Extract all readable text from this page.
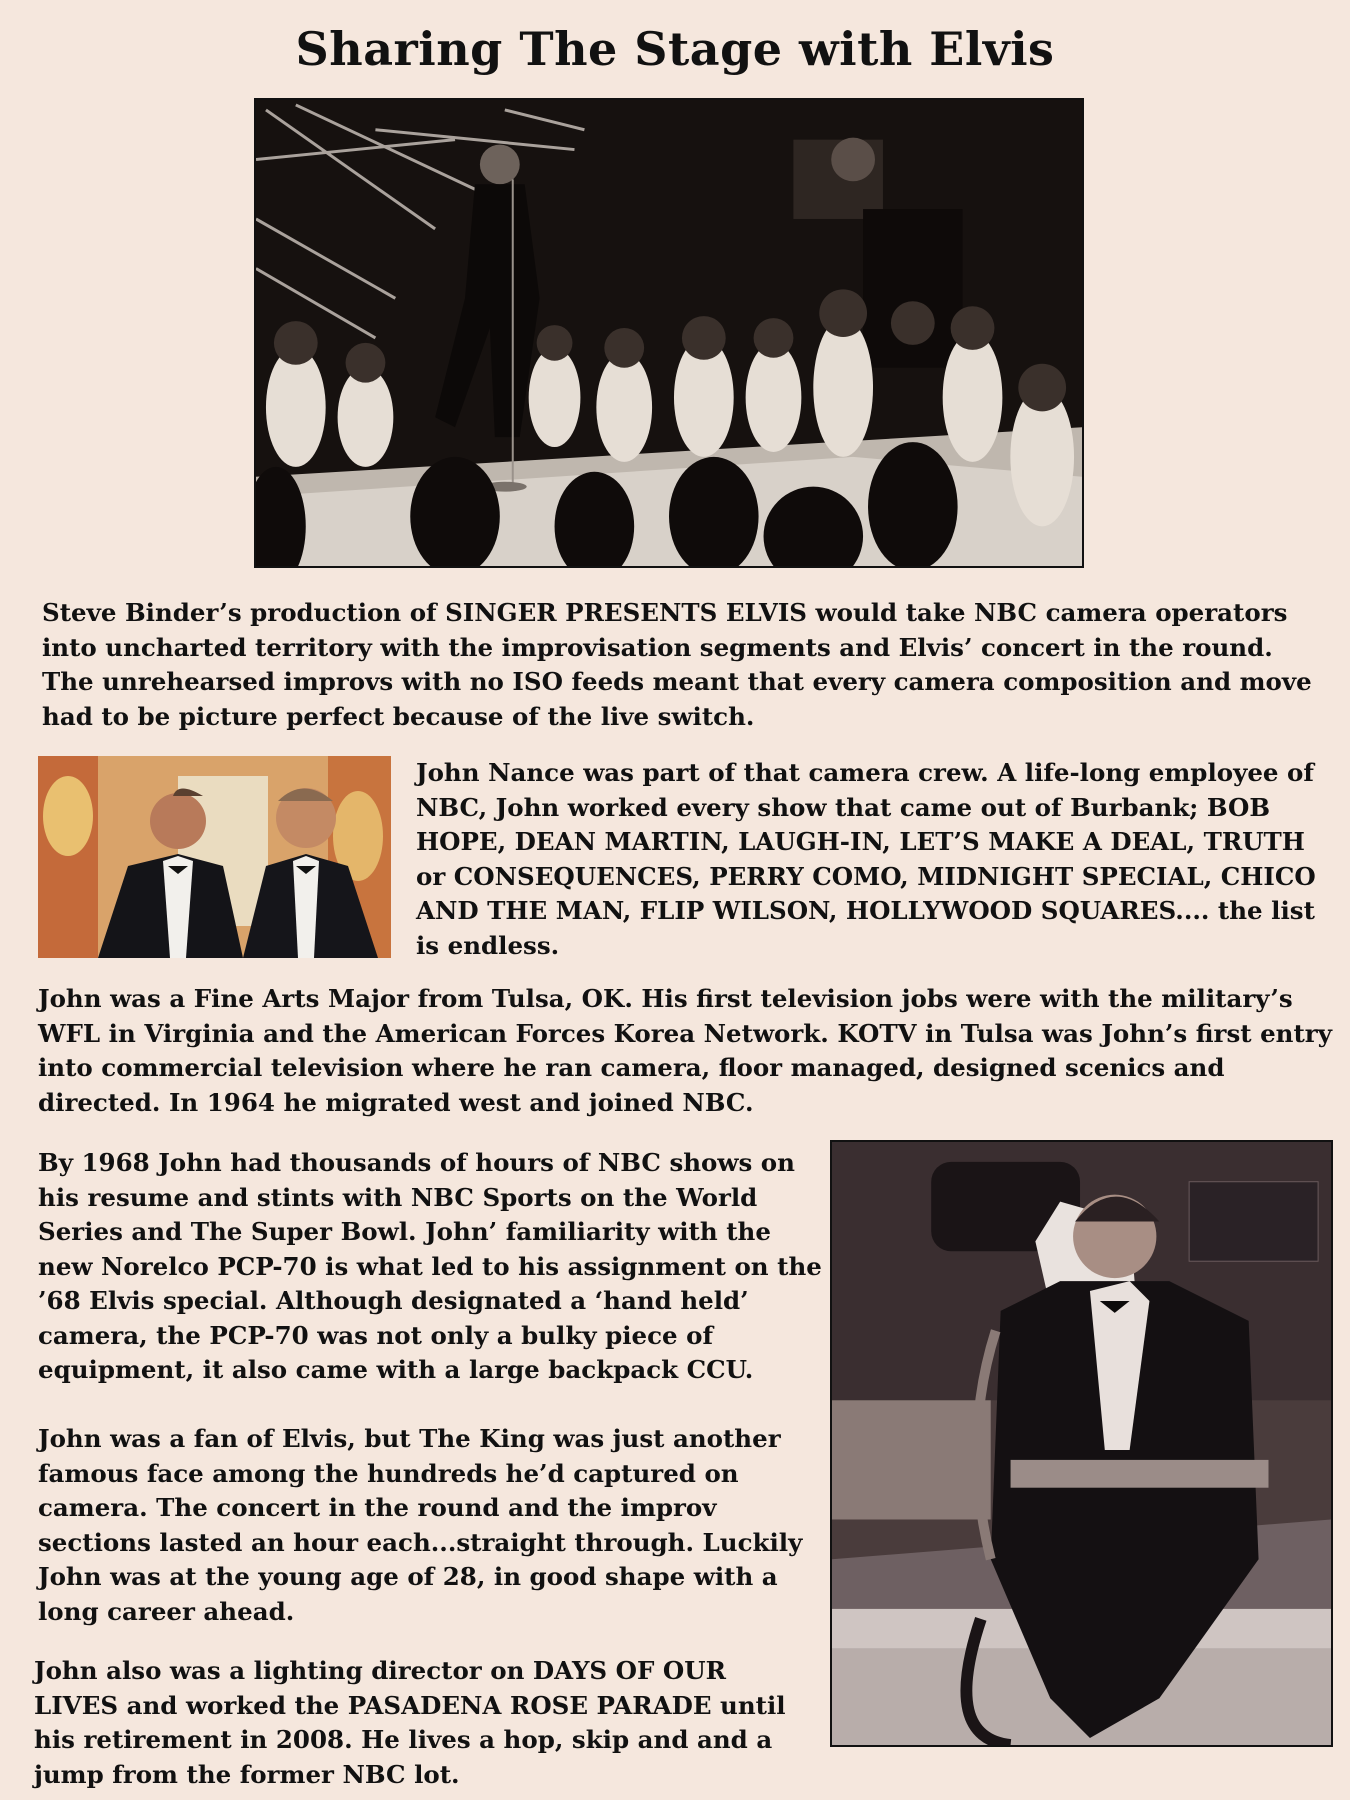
Sharing The Stage with Elvis

Steve Binder’s production of SINGER PRESENTS ELVIS would take NBC camera operators into uncharted territory with the improvisation segments and Elvis’ concert in the round. The unrehearsed improvs with no ISO feeds meant that every camera composition and move had to be picture perfect because of the live switch.

John Nance was part of that camera crew. A life-long employee of NBC, John worked every show that came out of Burbank; BOB HOPE, DEAN MARTIN, LAUGH-IN, LET’S MAKE A DEAL, TRUTH or CONSEQUENCES, PERRY COMO, MIDNIGHT SPECIAL, CHICO AND THE MAN, FLIP WILSON, HOLLYWOOD SQUARES.... the list is endless.

John was a Fine Arts Major from Tulsa, OK. His first television jobs were with the military’s WFL in Virginia and the American Forces Korea Network. KOTV in Tulsa was John’s first entry into commercial television where he ran camera, floor managed, designed scenics and directed. In 1964 he migrated west and joined NBC.

By 1968 John had thousands of hours of NBC shows on his resume and stints with NBC Sports on the World Series and The Super Bowl. John’ familiarity with the new Norelco PCP-70 is what led to his assignment on the ’68 Elvis special. Although designated a ‘hand held’ camera, the PCP-70 was not only a bulky piece of equipment, it also came with a large backpack CCU.

John was a fan of Elvis, but The King was just another famous face among the hundreds he’d captured on camera. The concert in the round and the improv sections lasted an hour each...straight through. Luckily John was at the young age of 28, in good shape with a long career ahead.

John also was a lighting director on DAYS OF OUR LIVES and worked the PASADENA ROSE PARADE until his retirement in 2008. He lives a hop, skip and and a jump from the former NBC lot.
